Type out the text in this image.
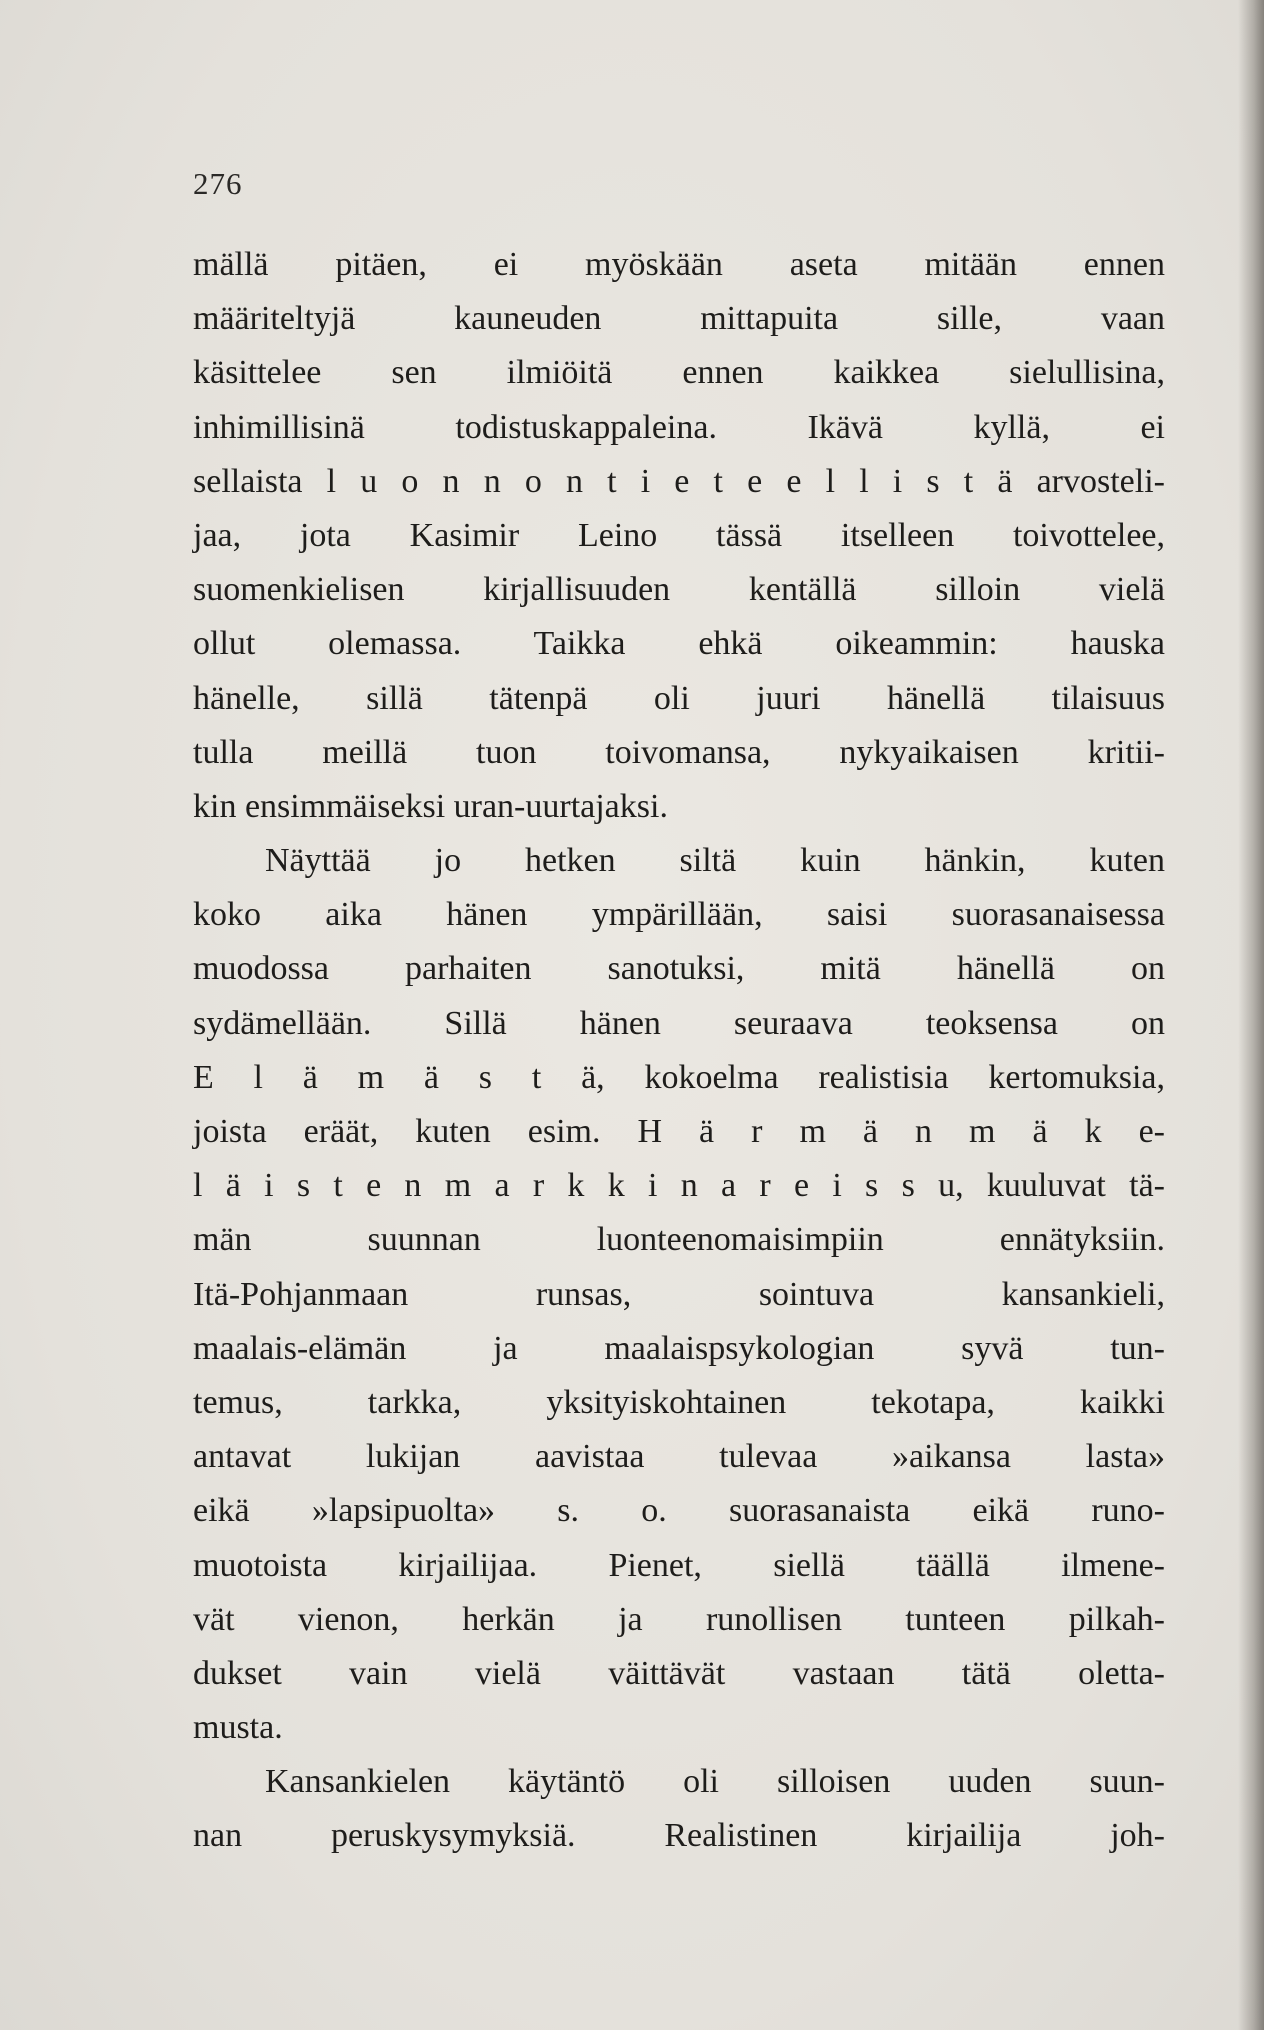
276
mällä pitäen, ei myöskään aseta mitään ennen
määriteltyjä kauneuden mittapuita sille, vaan
käsittelee sen ilmiöitä ennen kaikkea sielullisina,
inhimillisinä todistuskappaleina. Ikävä kyllä, ei
sellaista l u o n n o n t i e t e e l l i s t ä arvosteli-
jaa, jota Kasimir Leino tässä itselleen toivottelee,
suomenkielisen kirjallisuuden kentällä silloin vielä
ollut olemassa. Taikka ehkä oikeammin: hauska
hänelle, sillä tätenpä oli juuri hänellä tilaisuus
tulla meillä tuon toivomansa, nykyaikaisen kritii-
kin ensimmäiseksi uran-uurtajaksi.
Näyttää jo hetken siltä kuin hänkin, kuten
koko aika hänen ympärillään, saisi suorasanaisessa
muodossa parhaiten sanotuksi, mitä hänellä on
sydämellään. Sillä hänen seuraava teoksensa on
E l ä m ä s t ä, kokoelma realistisia kertomuksia,
joista eräät, kuten esim. H ä r m ä n m ä k e-
l ä i s t e n m a r k k i n a r e i s s u, kuuluvat tä-
män suunnan luonteenomaisimpiin ennätyksiin.
Itä-Pohjanmaan runsas, sointuva kansankieli,
maalais-elämän ja maalaispsykologian syvä tun-
temus, tarkka, yksityiskohtainen tekotapa, kaikki
antavat lukijan aavistaa tulevaa »aikansa lasta»
eikä »lapsipuolta» s. o. suorasanaista eikä runo-
muotoista kirjailijaa. Pienet, siellä täällä ilmene-
vät vienon, herkän ja runollisen tunteen pilkah-
dukset vain vielä väittävät vastaan tätä oletta-
musta.
Kansankielen käytäntö oli silloisen uuden suun-
nan peruskysymyksiä. Realistinen kirjailija joh-
